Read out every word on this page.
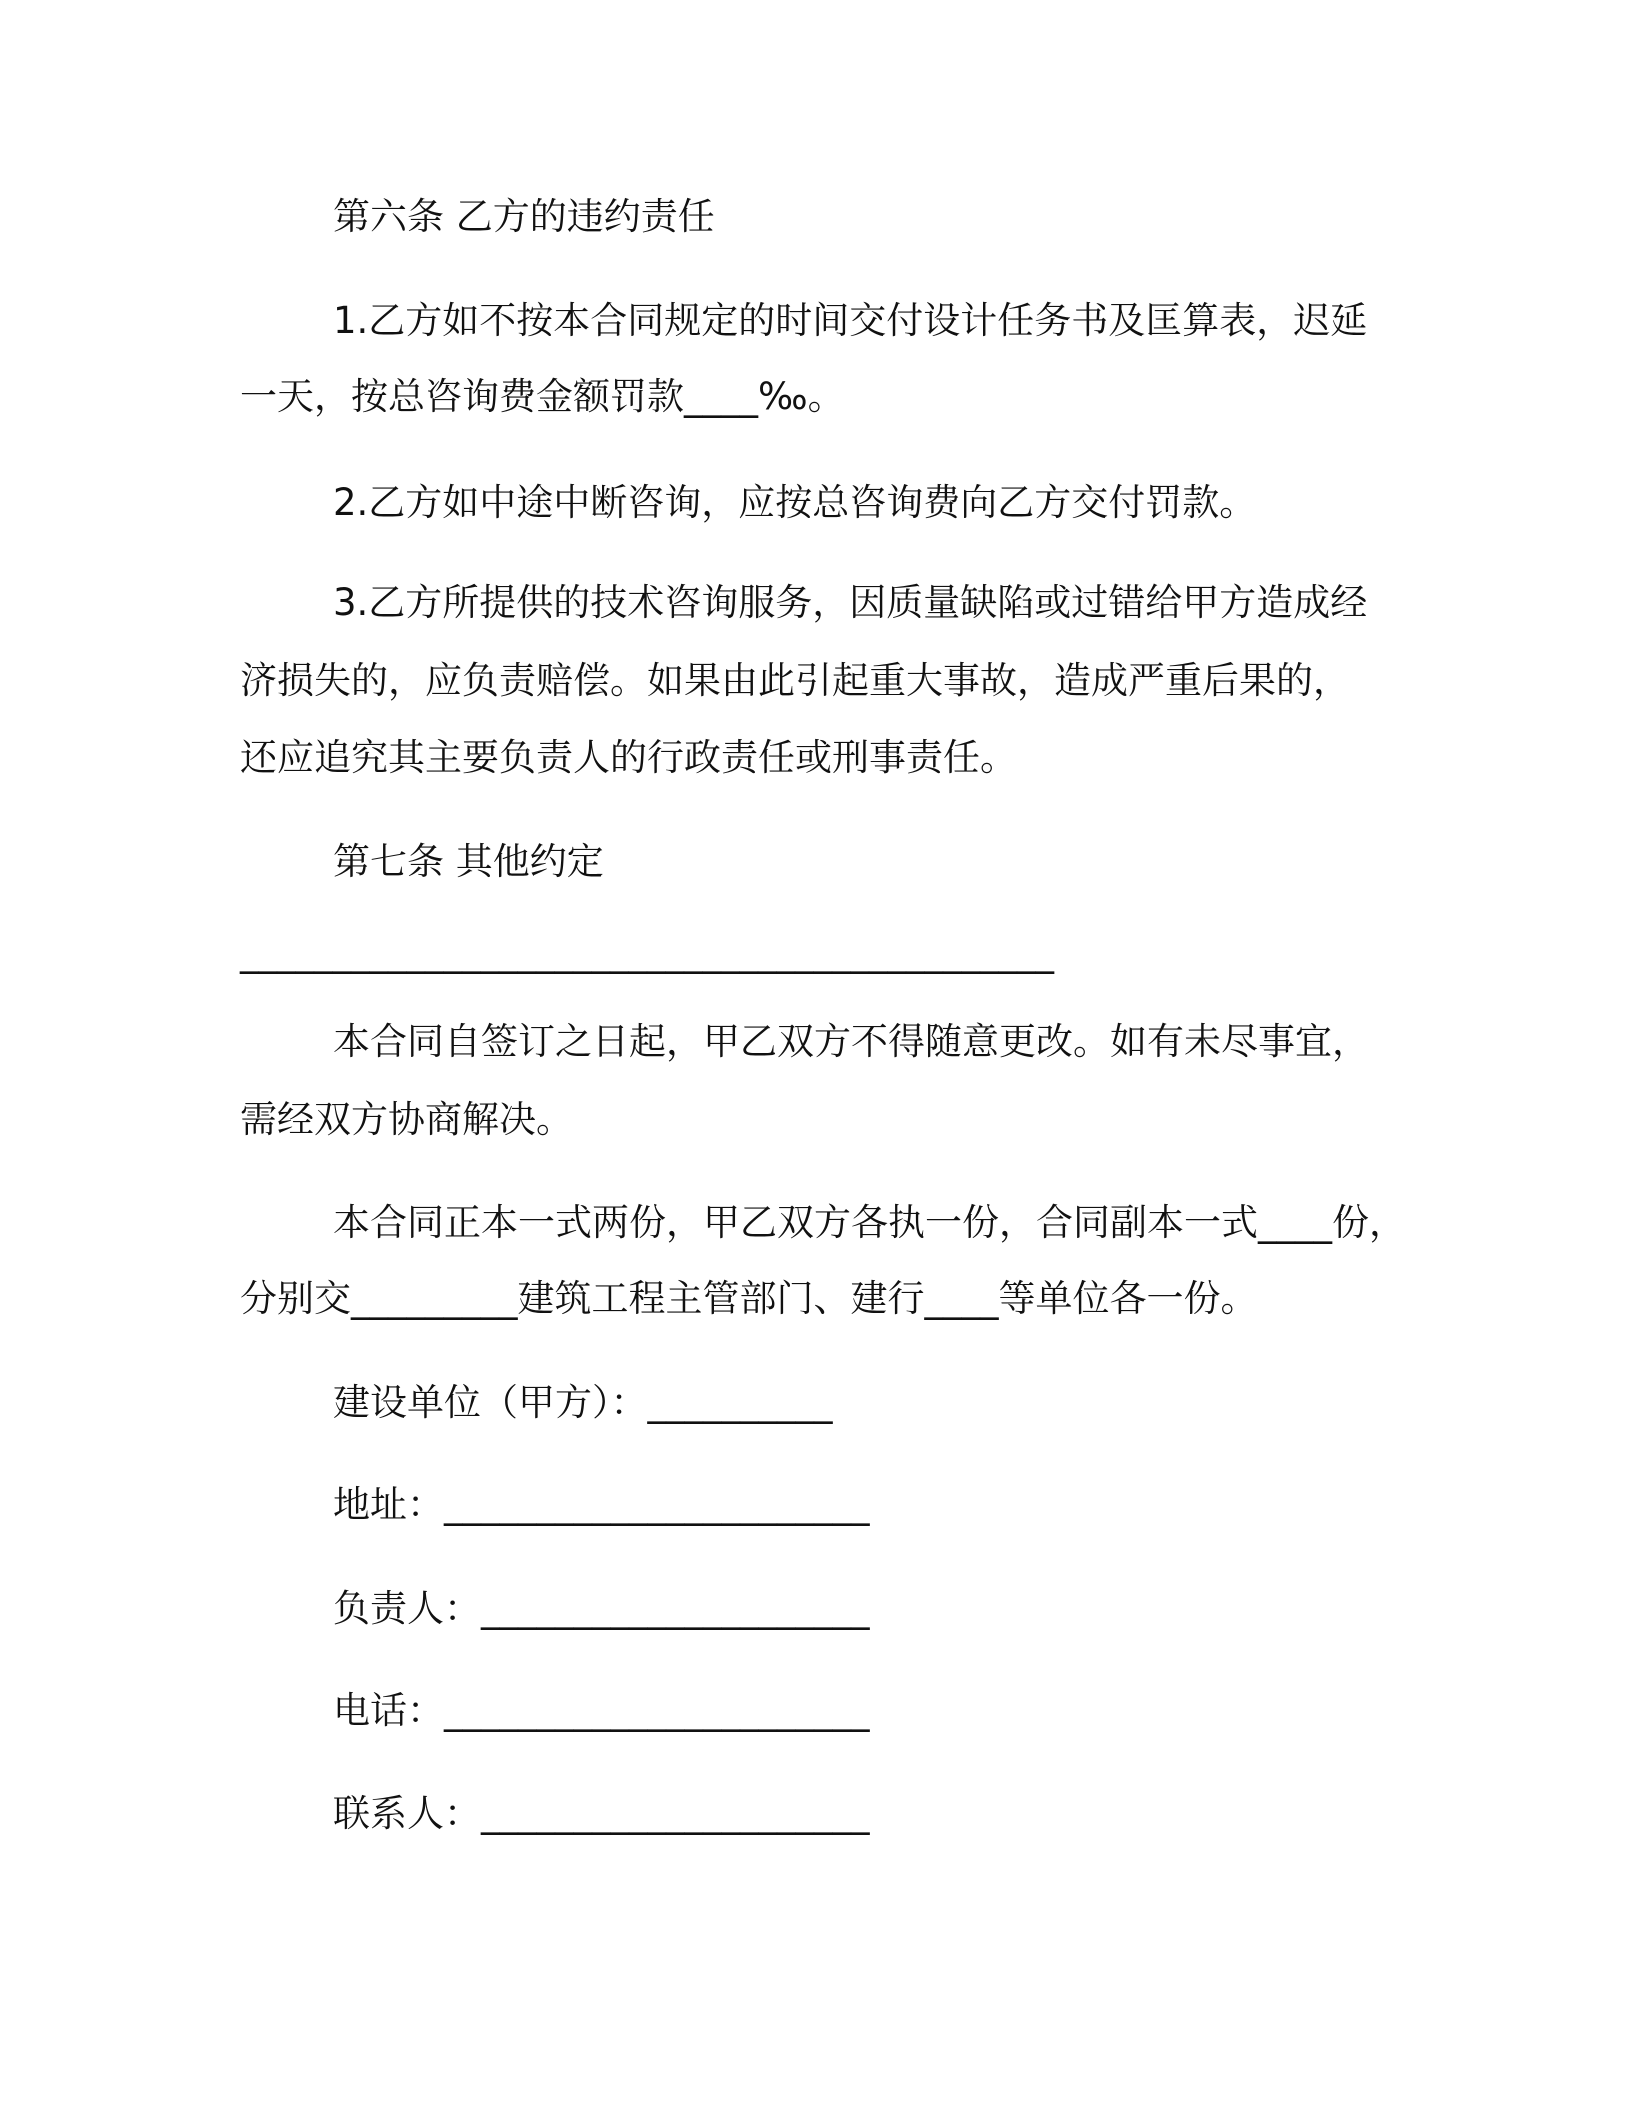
第六条 乙方的违约责任
1.乙方如不按本合同规定的时间交付设计任务书及匡算表，迟延
一天，按总咨询费金额罚款____‰。
2.乙方如中途中断咨询，应按总咨询费向乙方交付罚款。
3.乙方所提供的技术咨询服务，因质量缺陷或过错给甲方造成经
济损失的，应负责赔偿。如果由此引起重大事故，造成严重后果的，
还应追究其主要负责人的行政责任或刑事责任。
第七条 其他约定
____________________________________________
本合同自签订之日起，甲乙双方不得随意更改。如有未尽事宜，
需经双方协商解决。
本合同正本一式两份，甲乙双方各执一份，合同副本一式____份，
分别交_________建筑工程主管部门、建行____等单位各一份。
建设单位（甲方）：__________
地址：_______________________
负责人：_____________________
电话：_______________________
联系人：_____________________
